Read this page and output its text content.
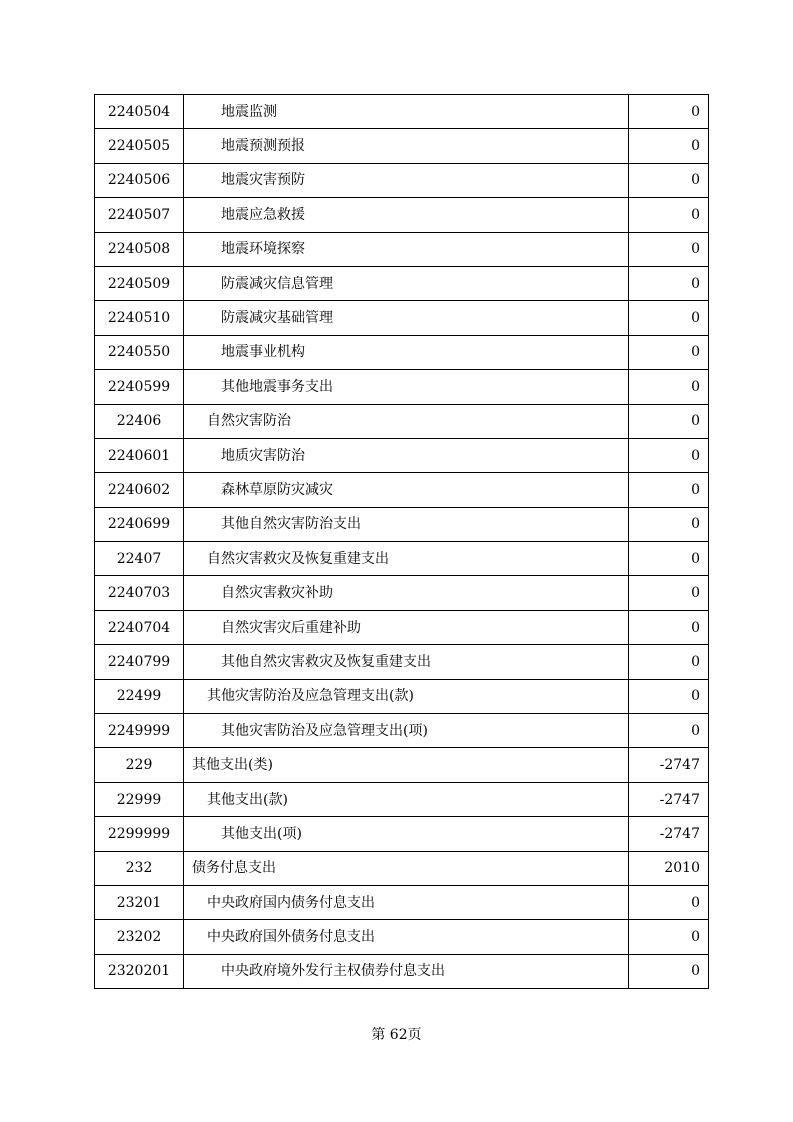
2240504	地震监测	0
2240505	地震预测预报	0
2240506	地震灾害预防	0
2240507	地震应急救援	0
2240508	地震环境探察	0
2240509	防震减灾信息管理	0
2240510	防震减灾基础管理	0
2240550	地震事业机构	0
2240599	其他地震事务支出	0
22406	自然灾害防治	0
2240601	地质灾害防治	0
2240602	森林草原防灾减灾	0
2240699	其他自然灾害防治支出	0
22407	自然灾害救灾及恢复重建支出	0
2240703	自然灾害救灾补助	0
2240704	自然灾害灾后重建补助	0
2240799	其他自然灾害救灾及恢复重建支出	0
22499	其他灾害防治及应急管理支出(款)	0
2249999	其他灾害防治及应急管理支出(项)	0
229	其他支出(类)	-2747
22999	其他支出(款)	-2747
2299999	其他支出(项)	-2747
232	债务付息支出	2010
23201	中央政府国内债务付息支出	0
23202	中央政府国外债务付息支出	0
2320201	中央政府境外发行主权债券付息支出	0
第 62页
